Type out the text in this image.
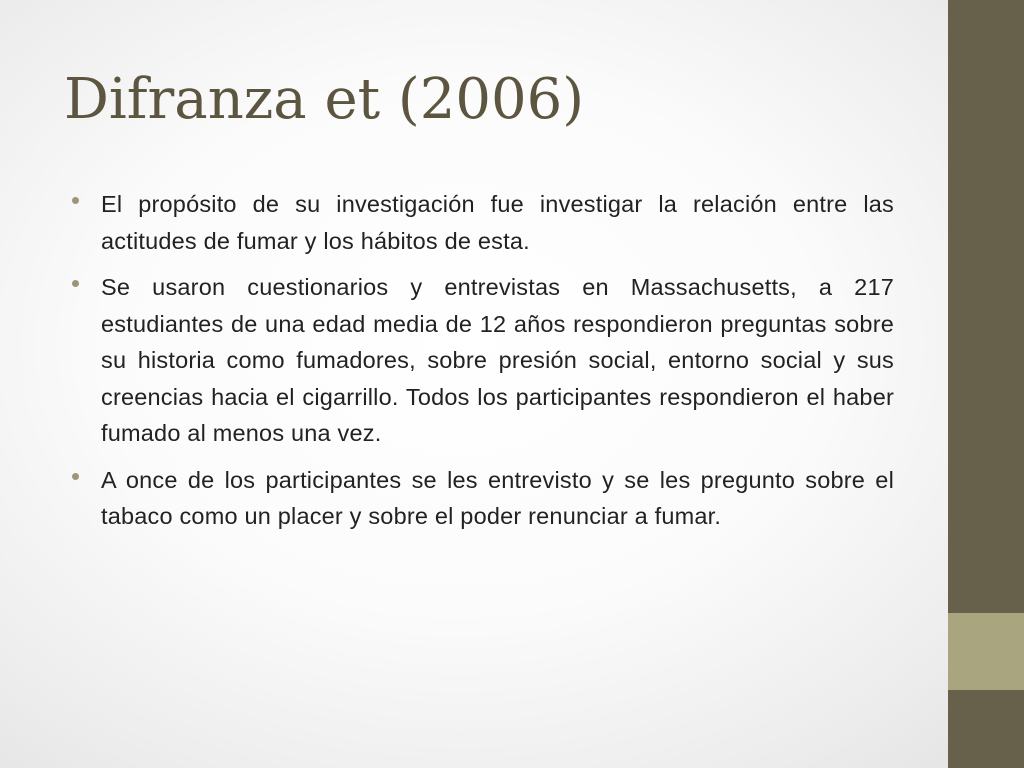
Difranza et (2006)
El propósito de su investigación fue investigar la relación entre las actitudes de fumar y los hábitos de esta.
Se usaron cuestionarios y entrevistas en Massachusetts, a 217 estudiantes de una edad media de 12 años respondieron preguntas sobre su historia como fumadores, sobre presión social, entorno social y sus creencias hacia el cigarrillo. Todos los participantes respondieron el haber fumado al menos una vez.
A once de los participantes se les entrevisto y se les pregunto sobre el tabaco como un placer y sobre el poder renunciar a fumar.
